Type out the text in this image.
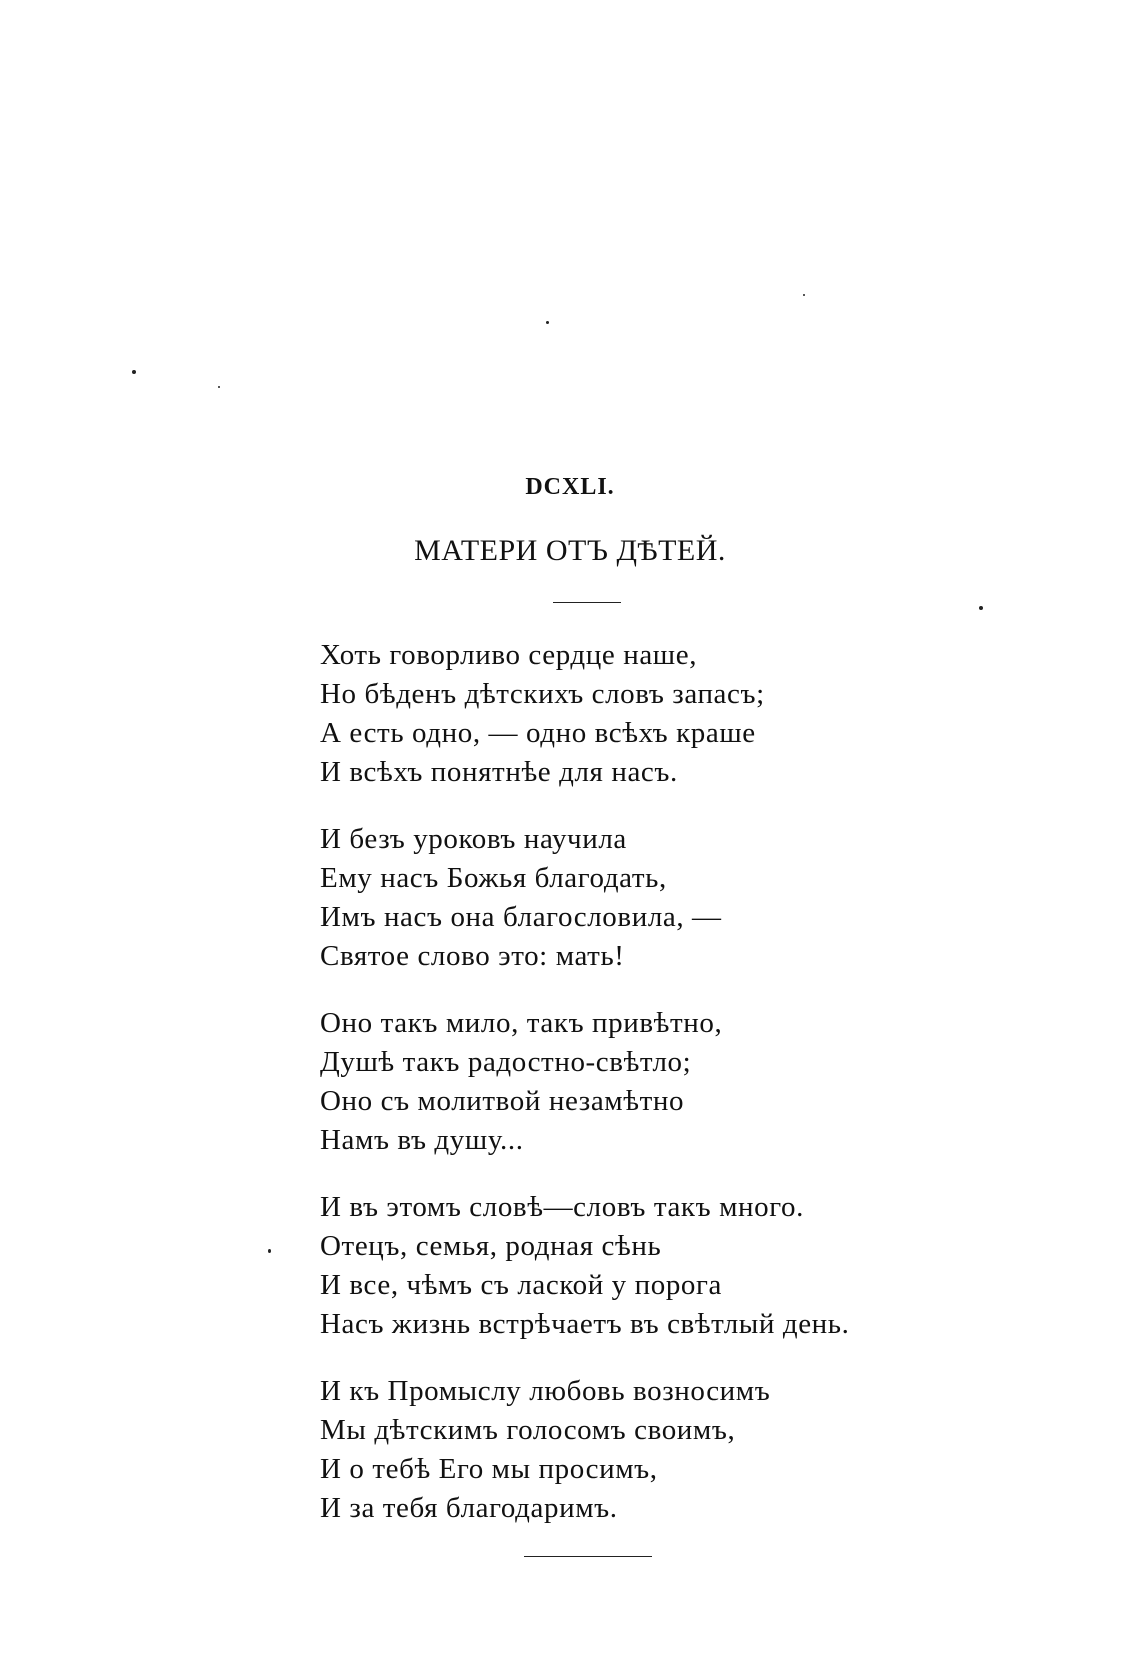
DCXLI.
МАТЕРИ ОТЪ ДѢТЕЙ.
Хоть говорливо сердце наше,
Но бѣденъ дѣтскихъ словъ запасъ;
А есть одно, — одно всѣхъ краше
И всѣхъ понятнѣе для насъ.
И безъ уроковъ научила
Ему насъ Божья благодать,
Имъ насъ она благословила, —
Святое слово это: мать!
Оно такъ мило, такъ привѣтно,
Душѣ такъ радостно-свѣтло;
Оно съ молитвой незамѣтно
Намъ въ душу...
И въ этомъ словѣ—словъ такъ много.
Отецъ, семья, родная сѣнь
И все, чѣмъ съ лаской у порога
Насъ жизнь встрѣчаетъ въ свѣтлый день.
И къ Промыслу любовь возносимъ
Мы дѣтскимъ голосомъ своимъ,
И о тебѣ Его мы просимъ,
И за тебя благодаримъ.
